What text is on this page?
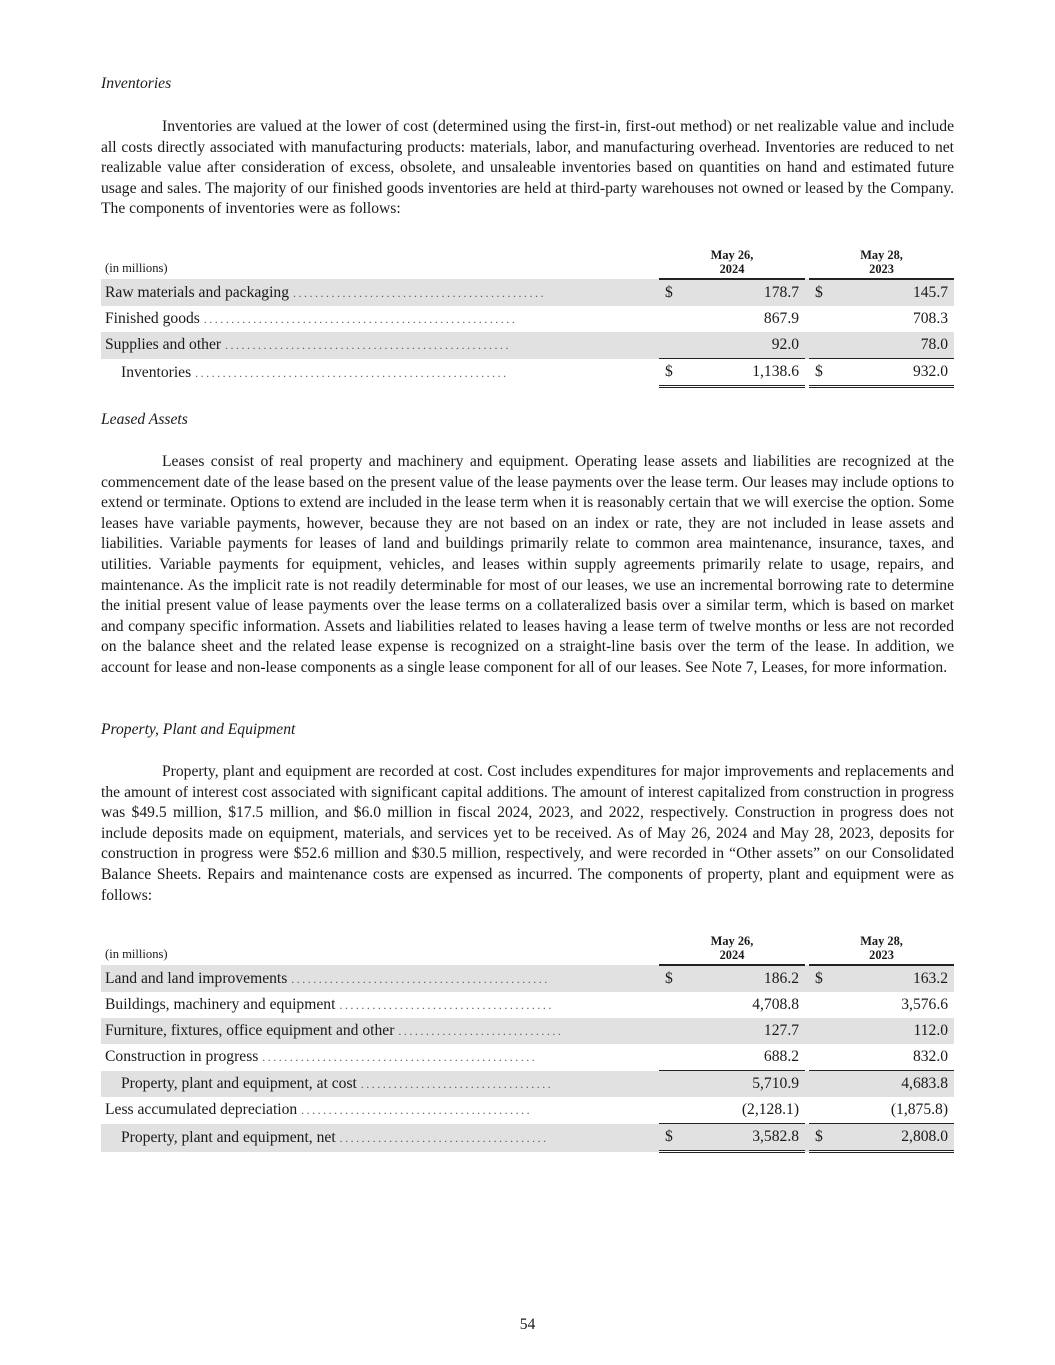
Inventories

Inventories are valued at the lower of cost (determined using the first-in, first-out method) or net realizable value and include all costs directly associated with manufacturing products: materials, labor, and manufacturing overhead. Inventories are reduced to net realizable value after consideration of excess, obsolete, and unsaleable inventories based on quantities on hand and estimated future usage and sales. The majority of our finished goods inventories are held at third-party warehouses not owned or leased by the Company. The components of inventories were as follows:

(in millions)		May 26,
2024			May 28,
2023	
Raw materials and packaging ..............................................		$	178.7		$	145.7
Finished goods .........................................................			867.9			708.3
Supplies and other ....................................................			92.0			78.0
Inventories .........................................................		$	1,138.6		$	932.0
Leased Assets

Leases consist of real property and machinery and equipment. Operating lease assets and liabilities are recognized at the commencement date of the lease based on the present value of the lease payments over the lease term. Our leases may include options to extend or terminate. Options to extend are included in the lease term when it is reasonably certain that we will exercise the option. Some leases have variable payments, however, because they are not based on an index or rate, they are not included in lease assets and liabilities. Variable payments for leases of land and buildings primarily relate to common area maintenance, insurance, taxes, and utilities. Variable payments for equipment, vehicles, and leases within supply agreements primarily relate to usage, repairs, and maintenance. As the implicit rate is not readily determinable for most of our leases, we use an incremental borrowing rate to determine the initial present value of lease payments over the lease terms on a collateralized basis over a similar term, which is based on market and company specific information. Assets and liabilities related to leases having a lease term of twelve months or less are not recorded on the balance sheet and the related lease expense is recognized on a straight-line basis over the term of the lease. In addition, we account for lease and non-lease components as a single lease component for all of our leases. See Note 7, Leases, for more information.

Property, Plant and Equipment

Property, plant and equipment are recorded at cost. Cost includes expenditures for major improvements and replacements and the amount of interest cost associated with significant capital additions. The amount of interest capitalized from construction in progress was $49.5 million, $17.5 million, and $6.0 million in fiscal 2024, 2023, and 2022, respectively. Construction in progress does not include deposits made on equipment, materials, and services yet to be received. As of May 26, 2024 and May 28, 2023, deposits for construction in progress were $52.6 million and $30.5 million, respectively, and were recorded in “Other assets” on our Consolidated Balance Sheets. Repairs and maintenance costs are expensed as incurred. The components of property, plant and equipment were as follows:

(in millions)		May 26,
2024			May 28,
2023	
Land and land improvements ...............................................		$	186.2		$	163.2
Buildings, machinery and equipment .......................................			4,708.8			3,576.6
Furniture, fixtures, office equipment and other ..............................			127.7			112.0
Construction in progress ..................................................			688.2			832.0
Property, plant and equipment, at cost ...................................			5,710.9			4,683.8
Less accumulated depreciation ..........................................			(2,128.1)			(1,875.8)
Property, plant and equipment, net ......................................		$	3,582.8		$	2,808.0
54
